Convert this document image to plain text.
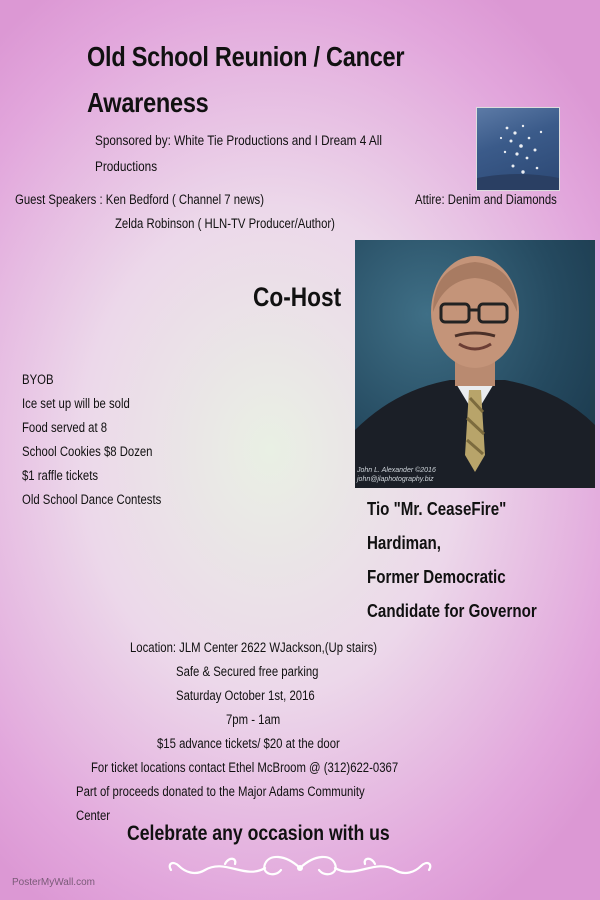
Old School Reunion / Cancer
Awareness
Sponsored by: White Tie Productions and I Dream 4 All
Productions
Guest Speakers : Ken Bedford ( Channel 7 news)
Zelda Robinson ( HLN-TV Producer/Author)
Attire: Denim and Diamonds
Co-Host
John L. Alexander ©2016
john@jlaphotography.biz
BYOB
Ice set up will be sold
Food served at 8
School Cookies $8 Dozen
$1 raffle tickets
Old School Dance Contests	Tio "Mr. CeaseFire"
Hardiman,
Former Democratic
Candidate for Governor
Location: JLM Center 2622 WJackson,(Up stairs)
Safe & Secured free parking
Saturday October 1st, 2016
7pm - 1am
$15 advance tickets/ $20 at the door
For ticket locations contact Ethel McBroom @ (312)622-0367
Part of proceeds donated to the Major Adams Community
Center
Celebrate any occasion with us
PosterMyWall.com
